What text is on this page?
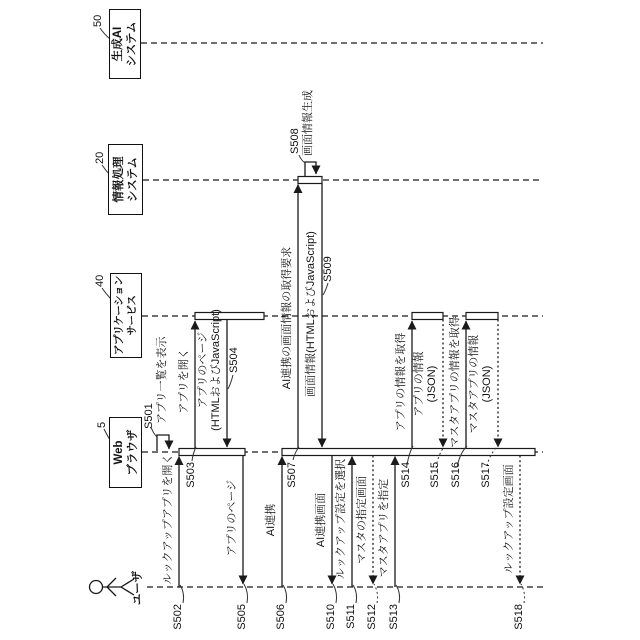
Web
ブラウザ
アプリケーション
サービス
情報処理
システム
生成AI
システム
ユーザ
5
40
20
50
アプリ一覧を表示
ルックアップアプリを開く
アプリを開く アプリのページ
(HTMLおよびJavaScript)
アプリのページ AI連携
AI連携の画面情報の取得要求
画面情報生成
画面情報(HTMLおよびJavaScript)
AI連携画面 ルックアップ設定を選択 マスタの指定画面 マスタアプリを指定
アプリの情報を取得 アプリの情報
(JSON) マスタアプリの情報を取得 マスタアプリの情報
(JSON)
ルックアップ設定画面
S501
S502
S503
S504
S505 S506
S507
S508
S509
S510 S511 S512 S513
S514 S515 S516 S517
S518
